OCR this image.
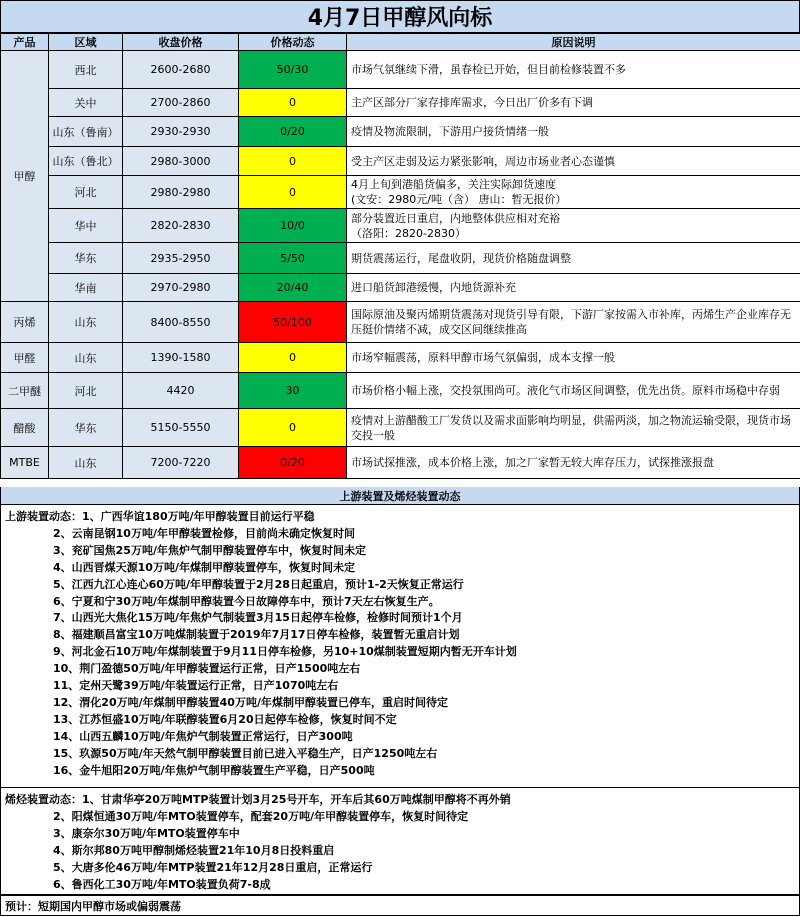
4月7日甲醇风向标
产品	区域	收盘价格	价格动态	原因说明
甲醇	西北	2600-2680	50/30	市场气氛继续下滑，虽春检已开始，但目前检修装置不多

	关中	2700-2860	0	主产区部分厂家存排库需求，今日出厂价多有下调

	山东（鲁南）	2930-2930	0/20	疫情及物流限制，下游用户接货情绪一般

	山东（鲁北）	2980-3000	0	受主产区走弱及运力紧张影响，周边市场业者心态谨慎

	河北	2980-2980	0	4月上旬到港船货偏多，关注实际卸货速度
(文安：2980元/吨（含） 唐山：暂无报价）

	华中	2820-2830	10/0	部分装置近日重启，内地整体供应相对充裕
（洛阳：2820-2830）

	华东	2935-2950	5/50	期货震荡运行，尾盘收阴，现货价格随盘调整

	华南	2970-2980	20/40	进口船货卸港缓慢，内地货源补充

丙烯	山东	8400-8550	50/100	国际原油及聚丙烯期货震荡对现货引导有限，下游厂家按需入市补库，丙烯生产企业库存无压挺价情绪不减，成交区间继续推高

甲醛	山东	1390-1580	0	市场窄幅震荡，原料甲醇市场气氛偏弱，成本支撑一般

二甲醚	河北	4420	30	市场价格小幅上涨，交投氛围尚可。液化气市场区间调整，优先出货。原料市场稳中存弱

醋酸	华东	5150-5550	0	疫情对上游醋酸工厂发货以及需求面影响均明显，供需两淡，加之物流运输受限，现货市场交投一般

MTBE	山东	7200-7220	0/20	市场试探推涨，成本价格上涨，加之厂家暂无较大库存压力，试探推涨报盘
上游装置及烯烃装置动态
上游装置动态：1、广西华谊180万吨/年甲醇装置目前运行平稳
2、云南昆钢10万吨/年甲醇装置检修，目前尚未确定恢复时间
3、兖矿国焦25万吨/年焦炉气制甲醇装置停车中，恢复时间未定
4、山西晋煤天源10万吨/年煤制甲醇装置停车，恢复时间未定
5、江西九江心连心60万吨/年甲醇装置于2月28日起重启，预计1-2天恢复正常运行
6、宁夏和宁30万吨/年煤制甲醇装置今日故障停车中，预计7天左右恢复生产。
7、山西光大焦化15万吨/年焦炉气制装置3月15日起停车检修，检修时间预计1个月
8、福建顺昌富宝10万吨煤制装置于2019年7月17日停车检修，装置暂无重启计划
9、河北金石10万吨/年煤制装置于9月11日停车检修，另10+10煤制装置短期内暂无开车计划
10、荆门盈德50万吨/年甲醇装置运行正常，日产1500吨左右
11、定州天鹭39万吨/年装置运行正常，日产1070吨左右
12、渭化20万吨/年煤制甲醇装置40万吨/年煤制甲醇装置已停车，重启时间待定
13、江苏恒盛10万吨/年联醇装置6月20日起停车检修，恢复时间不定
14、山西五麟10万吨/年焦炉气制装置正常运行，日产300吨
15、玖源50万吨/年天然气制甲醇装置目前已进入平稳生产，日产1250吨左右
16、金牛旭阳20万吨/年焦炉气制甲醇装置生产平稳，日产500吨
烯烃装置动态：1、甘肃华亭20万吨MTP装置计划3月25号开车，开车后其60万吨煤制甲醇将不再外销
2、阳煤恒通30万吨/年MTO装置停车，配套20万吨/年甲醇装置停车，恢复时间待定
3、康奈尔30万吨/年MTO装置停车中
4、斯尔邦80万吨甲醇制烯烃装置21年10月8日投料重启
5、大唐多伦46万吨/年MTP装置21年12月28日重启，正常运行
6、鲁西化工30万吨/年MTO装置负荷7-8成
预计：短期国内甲醇市场或偏弱震荡
